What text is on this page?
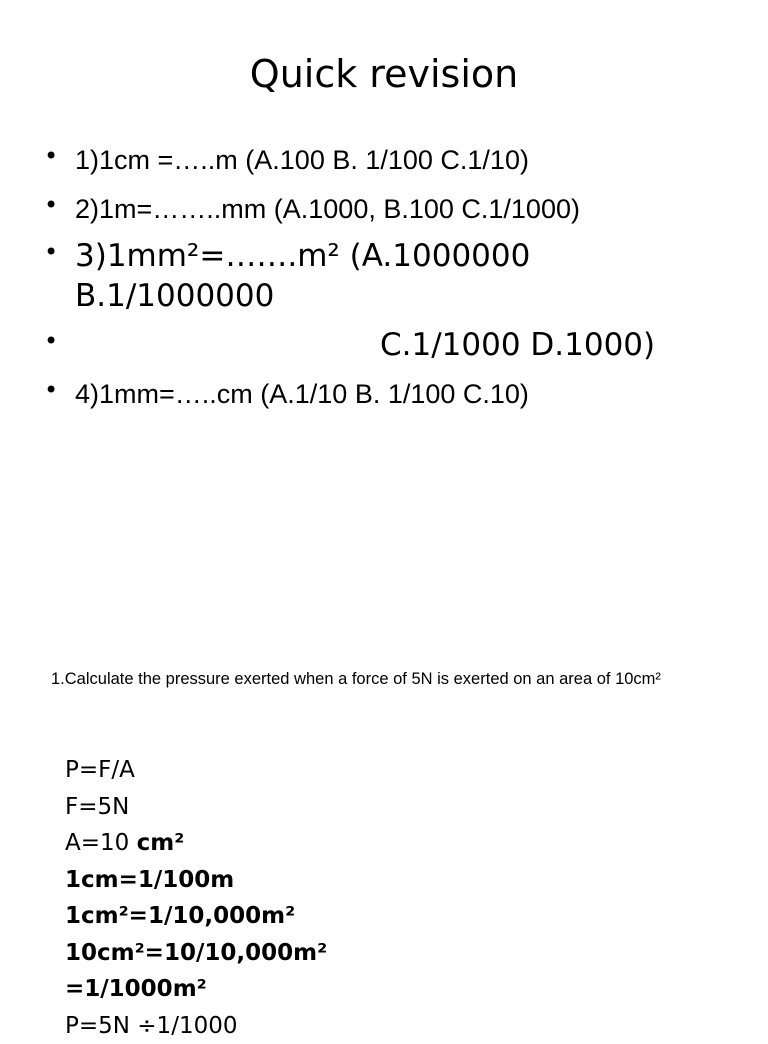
Quick revision
• 1)1cm =…..m (A.100 B. 1/100 C.1/10)
• 2)1m=……..mm (A.1000, B.100 C.1/1000)
• 3)1mm²=…….m² (A.1000000
B.1/1000000
•	C.1/1000 D.1000)
• 4)1mm=…..cm (A.1/10 B. 1/100 C.10)
1.Calculate the pressure exerted when a force of 5N is exerted on an area of 10cm²
P=F/A
F=5N
A=10 cm²
1cm=1/100m
1cm²=1/10,000m²
10cm²=10/10,000m²
=1/1000m²
P=5N ÷1/1000
